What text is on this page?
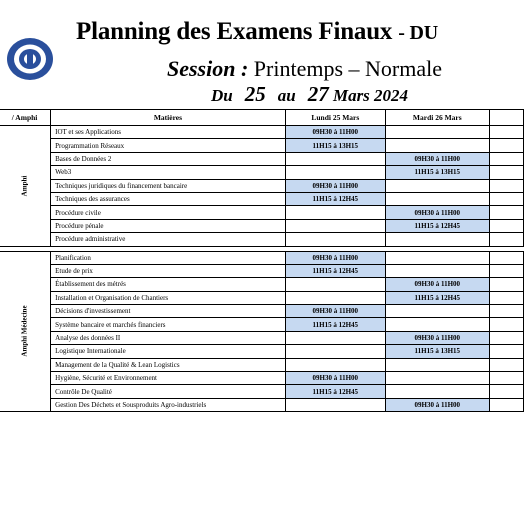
Planning des Examens Finaux - DU
Session : Printemps – Normale
Du 25 au 27 Mars 2024
/ Amphi	Matières	Lundi 25 Mars	Mardi 26 Mars	

Amphi	IOT et ses Applications	09H30 à 11H00		
	Programmation Réseaux	11H15 à 13H15		
	Bases de Données 2		09H30 à 11H00	
	Web3		11H15 à 13H15	
	Techniques juridiques du financement bancaire	09H30 à 11H00		
	Techniques des assurances	11H15 à 12H45		
	Procédure civile		09H30 à 11H00	
	Procédure pénale		11H15 à 12H45	
	Procédure administrative			

Amphi Médecine	Planification	09H30 à 11H00		
	Etude de prix	11H15 à 12H45		
	Établissement des métrés		09H30 à 11H00	
	Installation et Organisation de Chantiers		11H15 à 12H45	
	Décisions d'investissement	09H30 à 11H00		
	Système bancaire et marchés financiers	11H15 à 12H45		
	Analyse des données II		09H30 à 11H00	
	Logistique Internationale		11H15 à 13H15	
	Management de la Qualité & Lean Logistics			
	Hygiène, Sécurité et Environnement	09H30 à 11H00		
	Contrôle De Qualité	11H15 à 12H45		
	Gestion Des Déchets et Sousproduits Agro-industriels		09H30 à 11H00	
